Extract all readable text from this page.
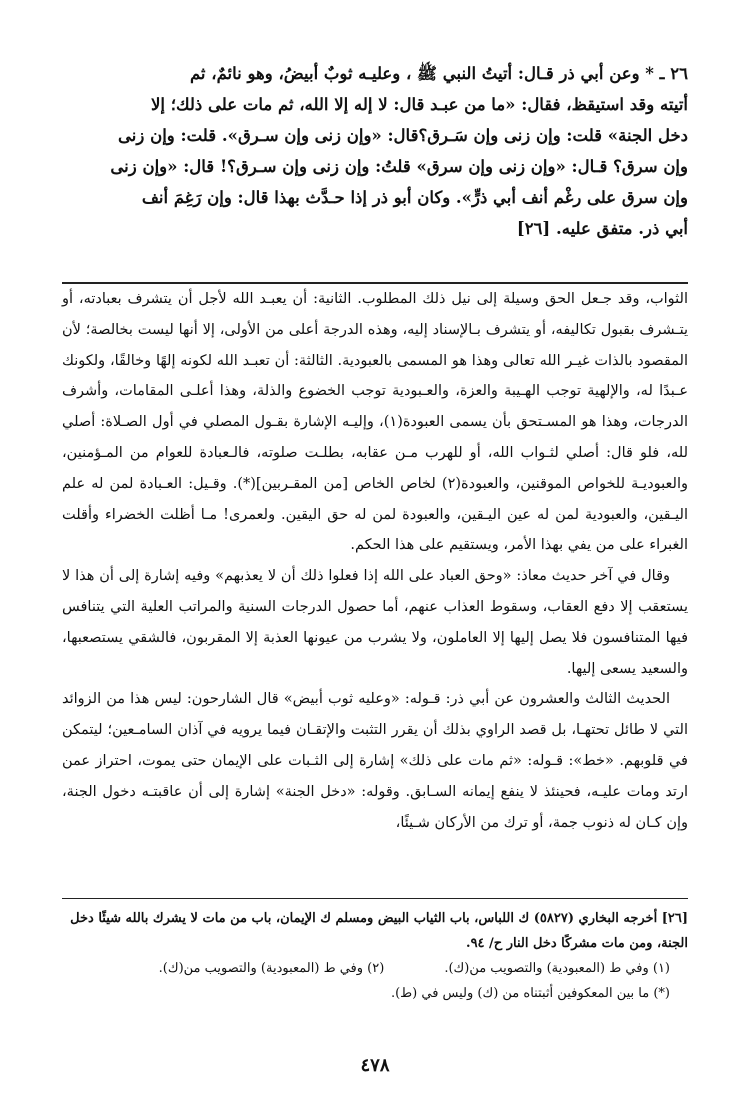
٢٦ ـ * وعن أبي ذر قـال: أتيتُ النبي ﷺ ، وعليـه ثوبٌ أبيضُ، وهو نائمٌ، ثم

أتيته وقد استيقظ، فقال: «ما من عبـد قال: لا إله إلا الله، ثم مات على ذلك؛ إلا

دخل الجنة» قلت: وإن زنى وإن سَـرق؟قال: «وإن زنى وإن سـرق». قلت: وإن زنى

وإن سرق؟ قـال: «وإن زنى وإن سرق» قلتُ: وإن زنى وإن سـرق؟! قال: «وإن زنى

وإن سرق على رغْم أنف أبي ذرٍّ». وكان أبو ذر إذا حـدَّث بهذا قال: وإن رَغِمَ أنف

أبي ذر. متفق عليه. [٢٦]

الثواب، وقد جـعل الحق وسيلة إلى نيل ذلك المطلوب. الثانية: أن يعبـد الله لأجل أن يتشرف بعبادته، أو يتـشرف بقبول تكاليفه، أو يتشرف بـالإسناد إليه، وهذه الدرجة أعلى من الأولى، إلا أنها ليست بخالصة؛ لأن المقصود بالذات غيـر الله تعالى وهذا هو المسمى بالعبودية. الثالثة: أن تعبـد الله لكونه إلهًا وخالقًا، ولكونك عـبدًا له، والإلهية توجب الهـيبة والعزة، والعـبودية توجب الخضوع والذلة، وهذا أعلـى المقامات، وأشرف الدرجات، وهذا هو المسـتحق بأن يسمى العبودة(١)، وإليـه الإشارة بقـول المصلي في أول الصـلاة: أصلي لله، فلو قال: أصلي لثـواب الله، أو للهرب مـن عقابه، بطلـت صلوته، فالـعبادة للعوام من المـؤمنين، والعبوديـة للخواص الموقنين، والعبودة(٢) لخاص الخاص [من المقـربين](*). وقـيل: العـبادة لمن له علم اليـقين، والعبودية لمن له عين اليـقين، والعبودة لمن له حق اليقين. ولعمرى! مـا أظلت الخضراء وأقلت الغبراء على من يفي بهذا الأمر، ويستقيم على هذا الحكم.

وقال في آخر حديث معاذ: «وحق العباد على الله إذا فعلوا ذلك أن لا يعذبهم» وفيه إشارة إلى أن هذا لا يستعقب إلا دفع العقاب، وسقوط العذاب عنهم، أما حصول الدرجات السنية والمراتب العلية التي يتنافس فيها المتنافسون فلا يصل إليها إلا العاملون، ولا يشرب من عيونها العذبة إلا المقربون، فالشقي يستصعبها، والسعيد يسعى إليها.

الحديث الثالث والعشرون عن أبي ذر: قـوله: «وعليه ثوب أبيض» قال الشارحون: ليس هذا من الزوائد التي لا طائل تحتهـا، بل قصد الراوي بذلك أن يقرر التثبت والإتقـان فيما يرويه في آذان السامـعين؛ ليتمكن في قلوبهم. «خط»: قـوله: «ثم مات على ذلك» إشارة إلى الثـبات على الإيمان حتى يموت، احتراز عمن ارتد ومات عليـه، فحينئذ لا ينفع إيمانه السـابق. وقوله: «دخل الجنة» إشارة إلى أن عاقبتـه دخول الجنة، وإن كـان له ذنوب جمة، أو ترك من الأركان شـيئًا،

[٢٦] أخرجه البخاري (٥٨٢٧) ك اللباس، باب الثياب البيض ومسلم ك الإيمان، باب من مات لا يشرك بالله شيئًا دخل الجنة، ومن مات مشركًا دخل النار ح/ ٩٤.

(١) وفي ط (المعبودية) والتصويب من(ك).
(٢) وفي ط (المعبودية) والتصويب من(ك).

(*) ما بين المعكوفين أثبتناه من (ك) وليس في (ط).

٤٧٨
